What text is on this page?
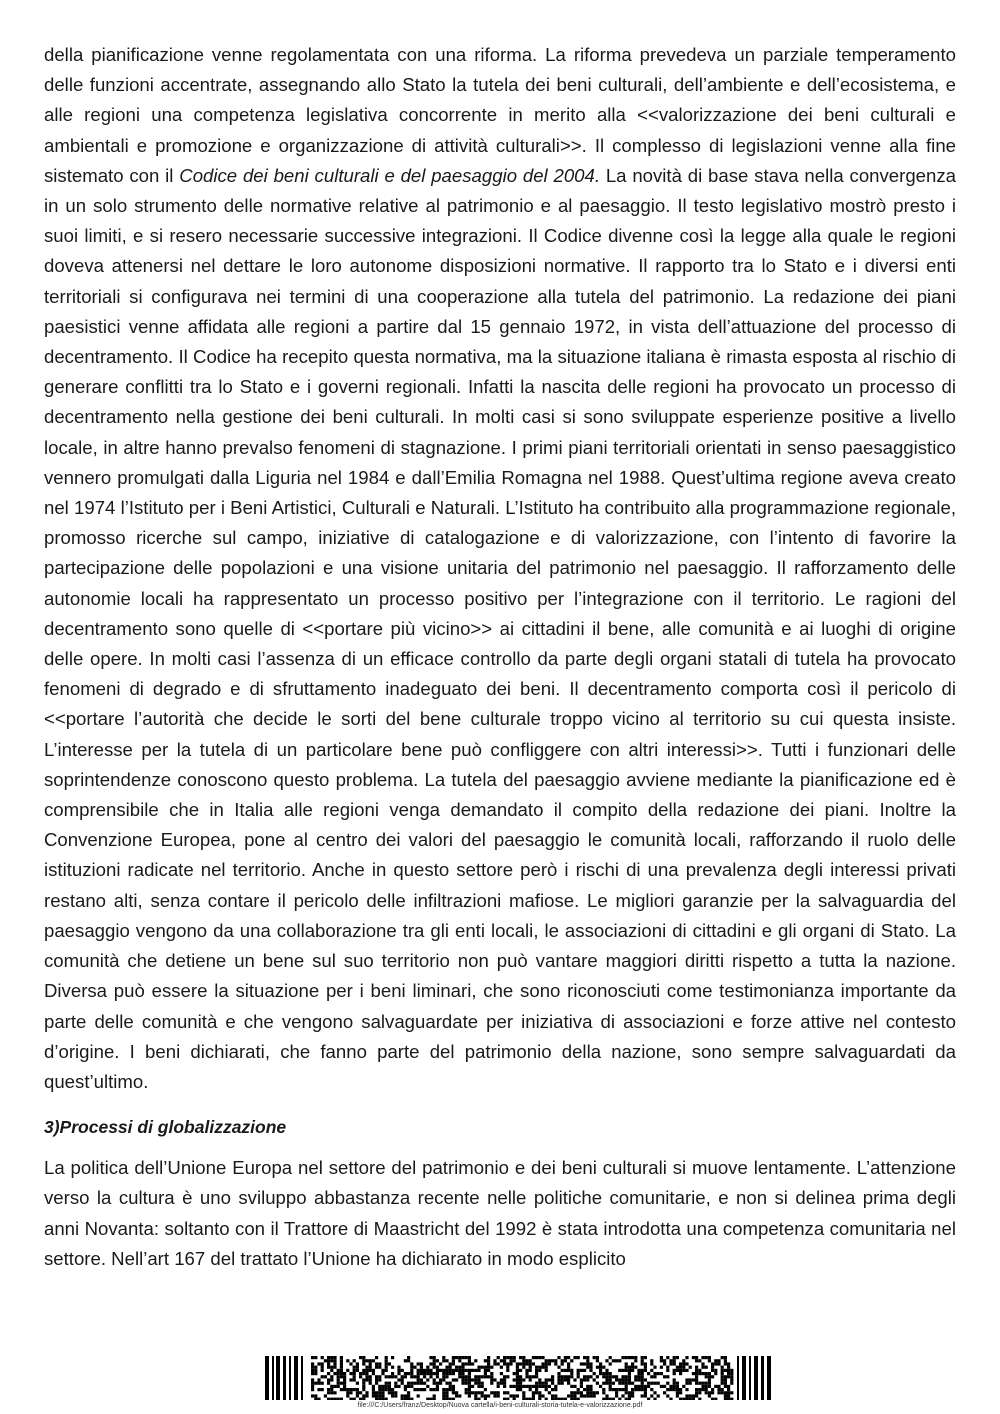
della pianificazione venne regolamentata con una riforma. La riforma prevedeva un parziale temperamento delle funzioni accentrate, assegnando allo Stato la tutela dei beni culturali, dell’ambiente e dell’ecosistema, e alle regioni una competenza legislativa concorrente in merito alla <<valorizzazione dei beni culturali e ambientali e promozione e organizzazione di attività culturali>>. Il complesso di legislazioni venne alla fine sistemato con il Codice dei beni culturali e del paesaggio del 2004. La novità di base stava nella convergenza in un solo strumento delle normative relative al patrimonio e al paesaggio. Il testo legislativo mostrò presto i suoi limiti, e si resero necessarie successive integrazioni. Il Codice divenne così la legge alla quale le regioni doveva attenersi nel dettare le loro autonome disposizioni normative. Il rapporto tra lo Stato e i diversi enti territoriali si configurava nei termini di una cooperazione alla tutela del patrimonio. La redazione dei piani paesistici venne affidata alle regioni a partire dal 15 gennaio 1972, in vista dell’attuazione del processo di decentramento. Il Codice ha recepito questa normativa, ma la situazione italiana è rimasta esposta al rischio di generare conflitti tra lo Stato e i governi regionali. Infatti la nascita delle regioni ha provocato un processo di decentramento nella gestione dei beni culturali. In molti casi si sono sviluppate esperienze positive a livello locale, in altre hanno prevalso fenomeni di stagnazione. I primi piani territoriali orientati in senso paesaggistico vennero promulgati dalla Liguria nel 1984 e dall’Emilia Romagna nel 1988. Quest’ultima regione aveva creato nel 1974 l’Istituto per i Beni Artistici, Culturali e Naturali. L’Istituto ha contribuito alla programmazione regionale, promosso ricerche sul campo, iniziative di catalogazione e di valorizzazione, con l’intento di favorire la partecipazione delle popolazioni e una visione unitaria del patrimonio nel paesaggio. Il rafforzamento delle autonomie locali ha rappresentato un processo positivo per l’integrazione con il territorio. Le ragioni del decentramento sono quelle di <<portare più vicino>> ai cittadini il bene, alle comunità e ai luoghi di origine delle opere. In molti casi l’assenza di un efficace controllo da parte degli organi statali di tutela ha provocato fenomeni di degrado e di sfruttamento inadeguato dei beni. Il decentramento comporta così il pericolo di <<portare l’autorità che decide le sorti del bene culturale troppo vicino al territorio su cui questa insiste. L’interesse per la tutela di un particolare bene può confliggere con altri interessi>>. Tutti i funzionari delle soprintendenze conoscono questo problema. La tutela del paesaggio avviene mediante la pianificazione ed è comprensibile che in Italia alle regioni venga demandato il compito della redazione dei piani. Inoltre la Convenzione Europea, pone al centro dei valori del paesaggio le comunità locali, rafforzando il ruolo delle istituzioni radicate nel territorio. Anche in questo settore però i rischi di una prevalenza degli interessi privati restano alti, senza contare il pericolo delle infiltrazioni mafiose. Le migliori garanzie per la salvaguardia del paesaggio vengono da una collaborazione tra gli enti locali, le associazioni di cittadini e gli organi di Stato. La comunità che detiene un bene sul suo territorio non può vantare maggiori diritti rispetto a tutta la nazione. Diversa può essere la situazione per i beni liminari, che sono riconosciuti come testimonianza importante da parte delle comunità e che vengono salvaguardate per iniziativa di associazioni e forze attive nel contesto d’origine. I beni dichiarati, che fanno parte del patrimonio della nazione, sono sempre salvaguardati da quest’ultimo.

3)Processi di globalizzazione

La politica dell’Unione Europa nel settore del patrimonio e dei beni culturali si muove lentamente. L’attenzione verso la cultura è uno sviluppo abbastanza recente nelle politiche comunitarie, e non si delinea prima degli anni Novanta: soltanto con il Trattore di Maastricht del 1992 è stata introdotta una competenza comunitaria nel settore. Nell’art 167 del trattato l’Unione ha dichiarato in modo esplicito

file:///C:/Users/franz/Desktop/Nuova cartella/i-beni-culturali-storia-tutela-e-valorizzazione.pdf
